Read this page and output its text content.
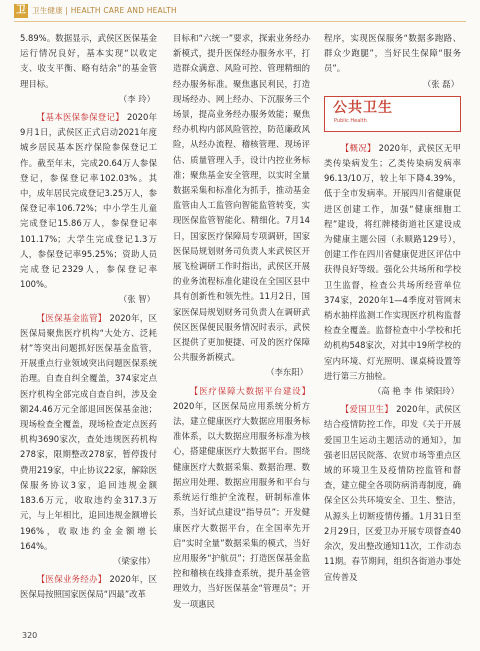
卫 卫生健康 | HEALTH CARE AND HEALTH

5.89%。数据显示，武侯区医保基金运行情况良好，基本实现“以收定支、收支平衡、略有结余”的基金管理目标。

（李 玲）

【基本医保参保登记】 2020年9月1日，武侯区正式启动2021年度城乡居民基本医疗保险参保登记工作。截至年末，完成20.64万人参保登记，参保登记率102.03%。其中，成年居民完成登记3.25万人，参保登记率106.72%；中小学生儿童完成登记15.86万人，参保登记率101.17%；大学生完成登记1.3万人，参保登记率95.25%；资助人员完成登记2329人，参保登记率100%。

（张 智）

【医保基金监管】 2020年，区医保局聚焦医疗机构“大处方、泛耗材”等突出问题抓好医保基金监管，开展重点行业领域突出问题医保系统治理。自查自纠全覆盖，374家定点医疗机构全部完成自查自纠，涉及金额24.46万元全部退回医保基金池；现场检查全覆盖，现场检查定点医药机构3690家次，查处违规医药机构278家，限期整改278家，暂停拨付费用219家，中止协议22家，解除医保服务协议3家，追回违规金额183.6万元，收取违约金317.3万元，与上年相比，追回违规金额增长196%，收取违约金金额增长164%。

（梁家伟）

【医保业务经办】 2020年，区医保局按照国家医保局“四最”改革

目标和“六统一”要求，探索业务经办新模式，提升医保经办服务水平，打造群众满意、风险可控、管理精细的经办服务标准。聚焦惠民利民，打造现场经办、网上经办、下沉服务三个场景，提高业务经办服务效能；聚焦经办机构内部风险管控，防范廉政风险，从经办流程、稽核管理、现场评估、质量管理入手，设计内控业务标准；聚焦基金安全管理，以实时全量数据采集和标准化为抓手，推动基金监管由人工监管向智能监管转变，实现医保监管智能化、精细化。7月14日，国家医疗保障局专项调研，国家医保局规划财务司负责人来武侯区开展飞检调研工作时指出，武侯区开展的业务流程标准化建设在全国区县中具有创新性和领先性。11月2日，国家医保局规划财务司负责人在调研武侯区医保便民服务情况时表示，武侯区提供了更加便捷、可及的医疗保障公共服务新模式。

（李东阳）

【医疗保障大数据平台建设】 2020年，区医保局应用系统分析方法，建立健康医疗大数据应用服务标准体系，以大数据应用服务标准为核心，搭建健康医疗大数据平台。围绕健康医疗大数据采集、数据治理、数据应用处理、数据应用服务和平台与系统运行维护全流程，研制标准体系，当好试点建设“指导员”；开发健康医疗大数据平台，在全国率先开启“实时全量”数据采集的模式，当好应用服务“护航员”；打造医保基金监控和稽核在线排查系统，提升基金管理效力，当好医保基金“管理员”；开发一项惠民

程序，实现医保服务“数据多跑路、群众少跑腿”，当好民生保障“服务员”。

（张 磊）

公共卫生
Public Health

【概况】 2020年，武侯区无甲类传染病发生；乙类传染病发病率96.13/10万，较上年下降4.39%，低于全市发病率。开展四川省健康促进区创建工作，加强“健康细胞工程”建设，将红牌楼街道社区建设成为健康主题公园（永顺路129号），创建工作在四川省健康促进区评估中获得良好等级。强化公共场所和学校卫生监督，检查公共场所经营单位374家，2020年1—4季度对管网末梢水抽样监测工作实现医疗机构监督检查全覆盖。监督检查中小学校和托幼机构548家次，对其中19所学校的室内环境、灯光照明、课桌椅设置等进行第三方抽检。

（高 艳 李 伟 梁阳玲）

【爱国卫生】 2020年，武侯区结合疫情防控工作，印发《关于开展爱国卫生运动主题活动的通知》，加强老旧居民院落、农贸市场等重点区域的环境卫生及疫情防控监管和督查，建立健全各项防病消毒制度，确保全区公共环境安全、卫生、整洁，从源头上切断疫情传播。1月31日至2月29日，区爱卫办开展专项督查40余次，发出整改通知11次，工作动态11期。春节期间，组织各街道办事处宣传普及

320
